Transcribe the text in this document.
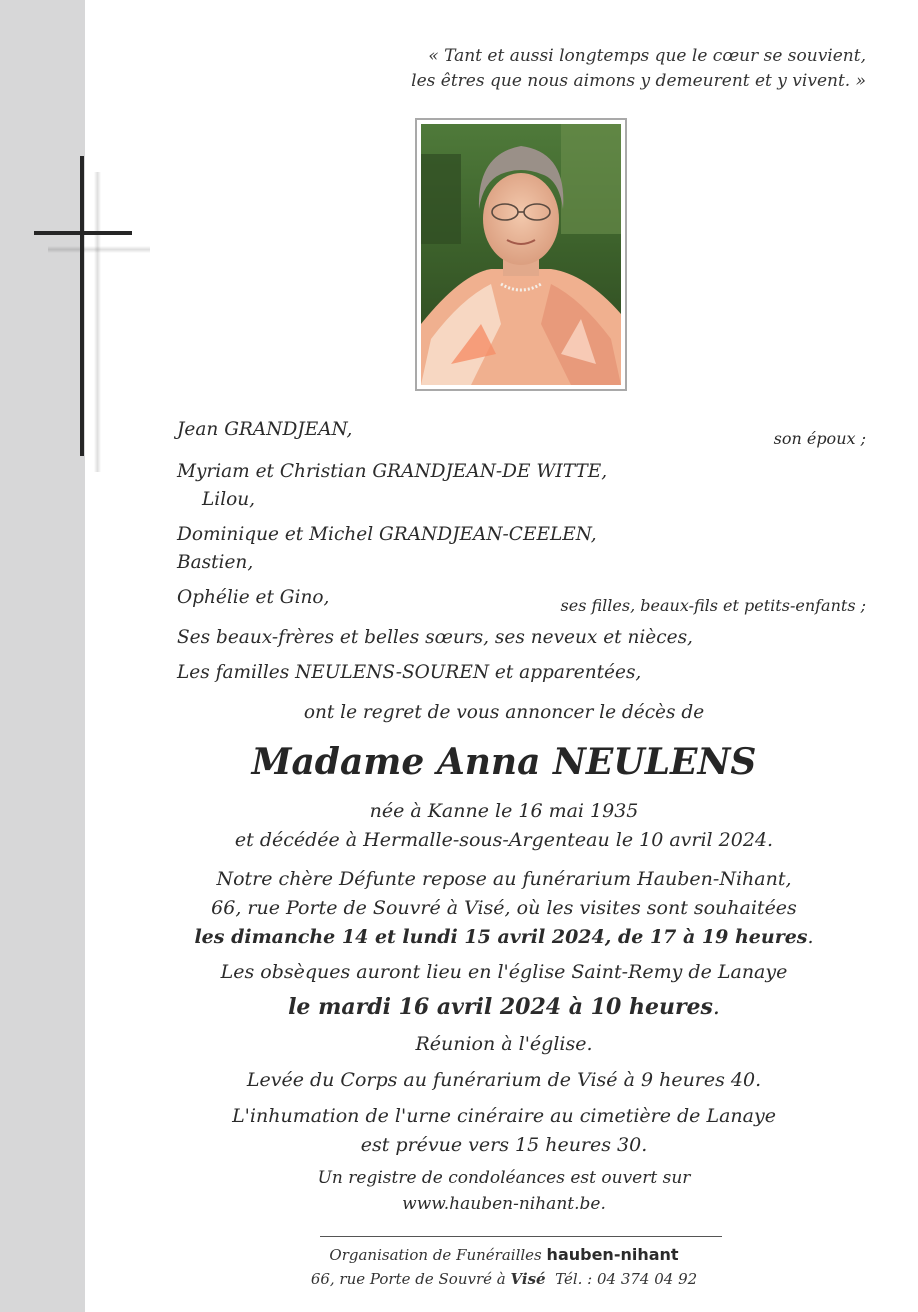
« Tant et aussi longtemps que le cœur se souvient,
les êtres que nous aimons y demeurent et y vivent. »
Jean GRANDJEAN,	son époux ;
Myriam et Christian GRANDJEAN-DE WITTE,
Lilou,
Dominique et Michel GRANDJEAN-CEELEN,
Bastien,
Ophélie et Gino,	ses filles, beaux-fils et petits-enfants ;
Ses beaux-frères et belles sœurs, ses neveux et nièces,
Les familles NEULENS-SOUREN et apparentées,
ont le regret de vous annoncer le décès de
Madame Anna NEULENS

née à Kanne le 16 mai 1935

et décédée à Hermalle-sous-Argenteau le 10 avril 2024.

Notre chère Défunte repose au funérarium Hauben-Nihant,

66, rue Porte de Souvré à Visé, où les visites sont souhaitées

les dimanche 14 et lundi 15 avril 2024, de 17 à 19 heures.

Les obsèques auront lieu en l'église Saint-Remy de Lanaye

le mardi 16 avril 2024 à 10 heures.

Réunion à l'église.

Levée du Corps au funérarium de Visé à 9 heures 40.

L'inhumation de l'urne cinéraire au cimetière de Lanaye

est prévue vers 15 heures 30.

Un registre de condoléances est ouvert sur

www.hauben-nihant.be.

Organisation de Funérailles hauben-nihant
66, rue Porte de Souvré à Visé Tél. : 04 374 04 92
